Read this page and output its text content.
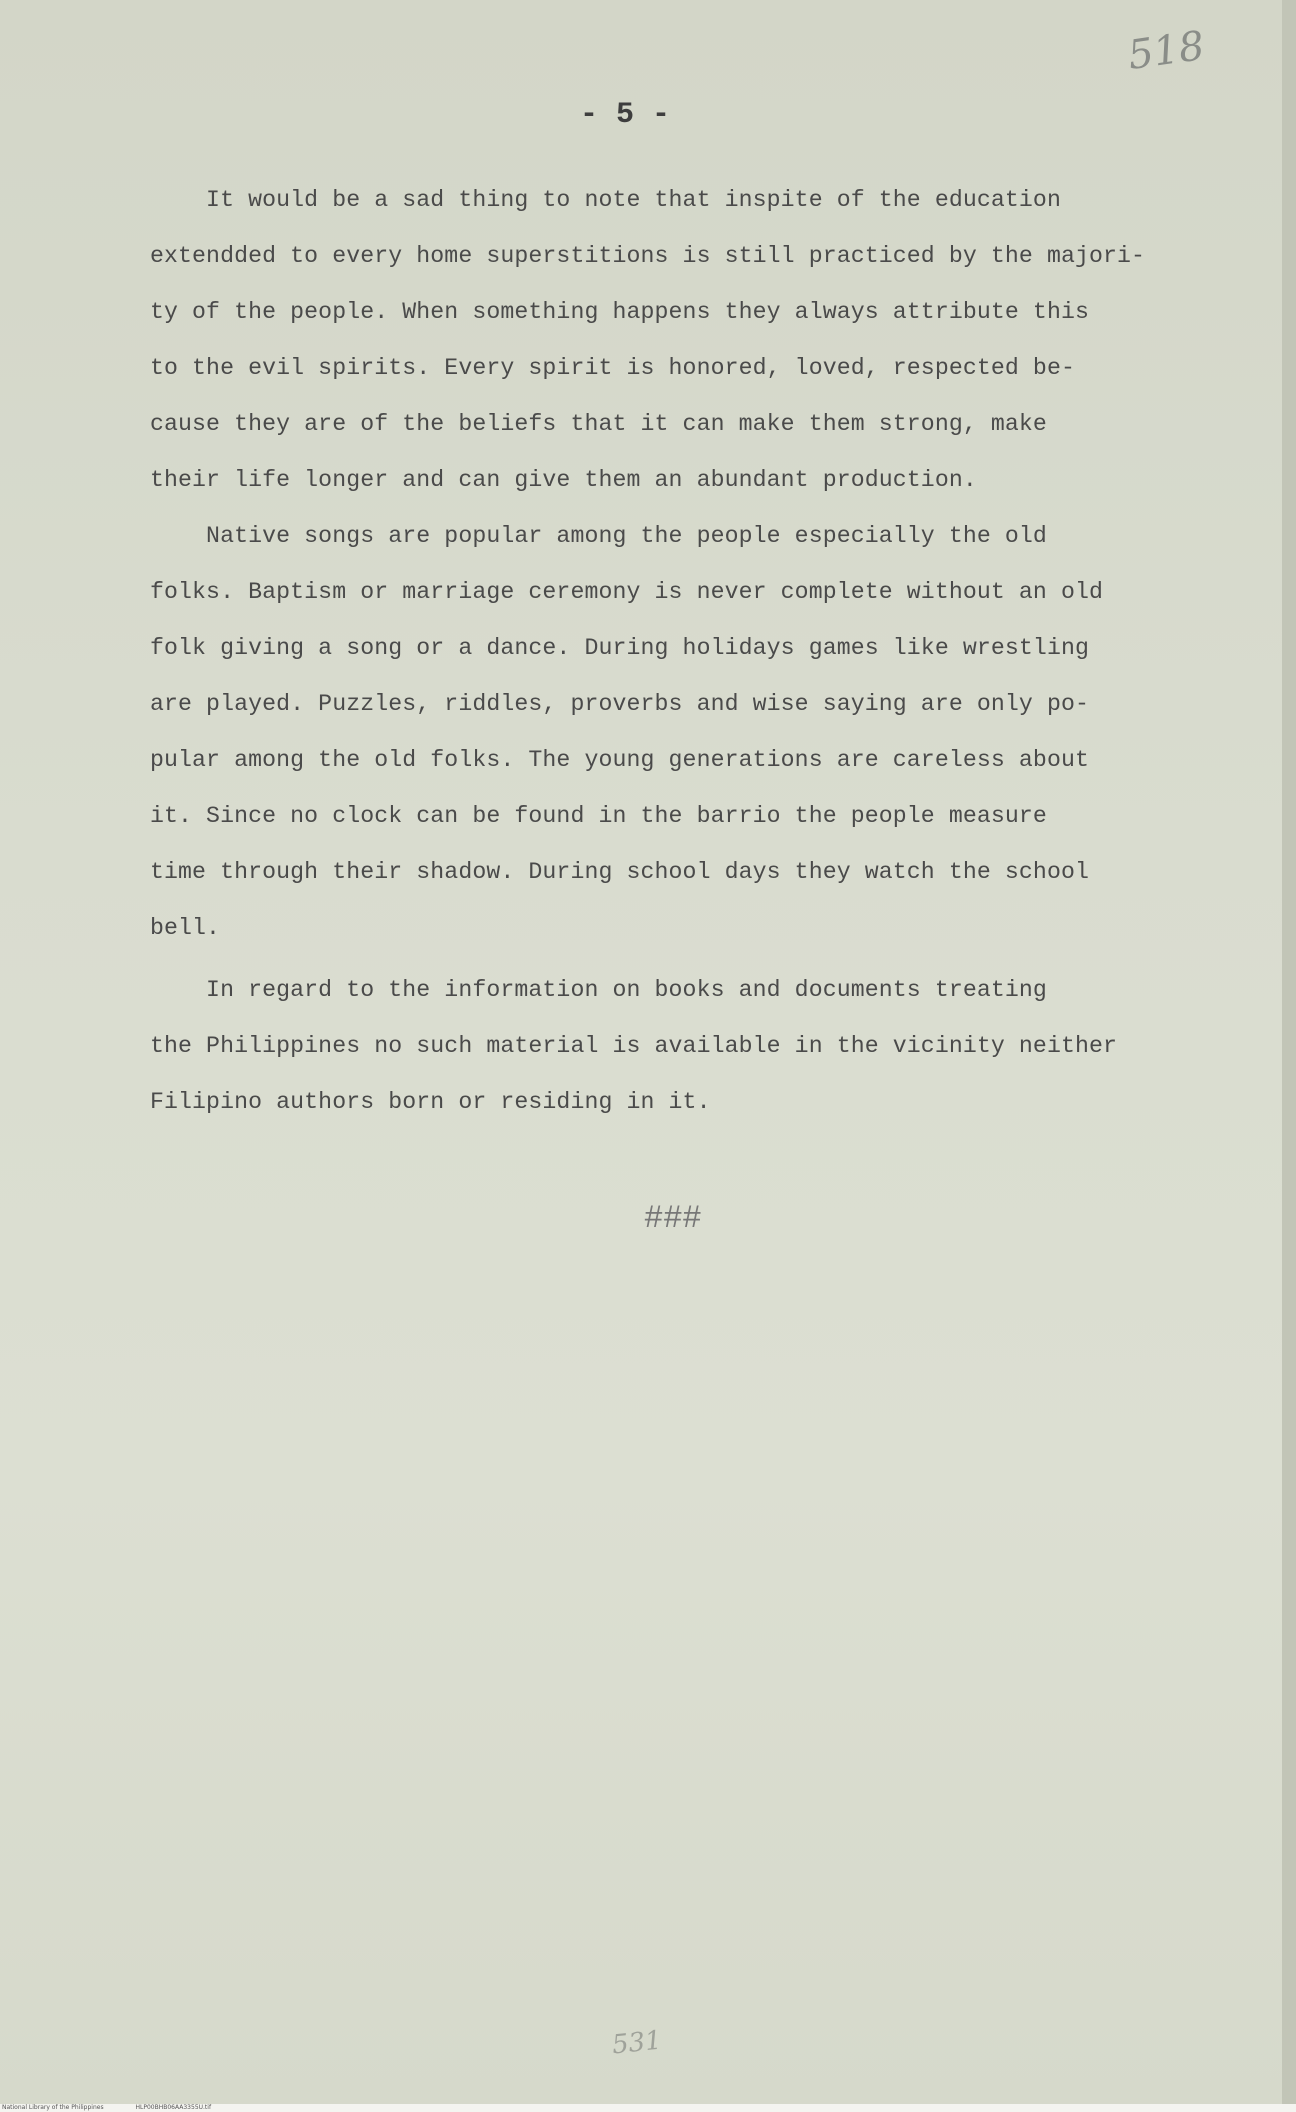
518
- 5 -
It would be a sad thing to note that inspite of the education
extendded to every home superstitions is still practiced by the majori-
ty of the people. When something happens they always attribute this
to the evil spirits. Every spirit is honored, loved, respected be-
cause they are of the beliefs that it can make them strong, make
their life longer and can give them an abundant production.
Native songs are popular among the people especially the old
folks. Baptism or marriage ceremony is never complete without an old
folk giving a song or a dance. During holidays games like wrestling
are played. Puzzles, riddles, proverbs and wise saying are only po-
pular among the old folks. The young generations are careless about
it. Since no clock can be found in the barrio the people measure
time through their shadow. During school days they watch the school
bell.
In regard to the information on books and documents treating
the Philippines no such material is available in the vicinity neither
Filipino authors born or residing in it.
###
531
National Library of the Philippines	HLP00BHB06AA3355U.tif
